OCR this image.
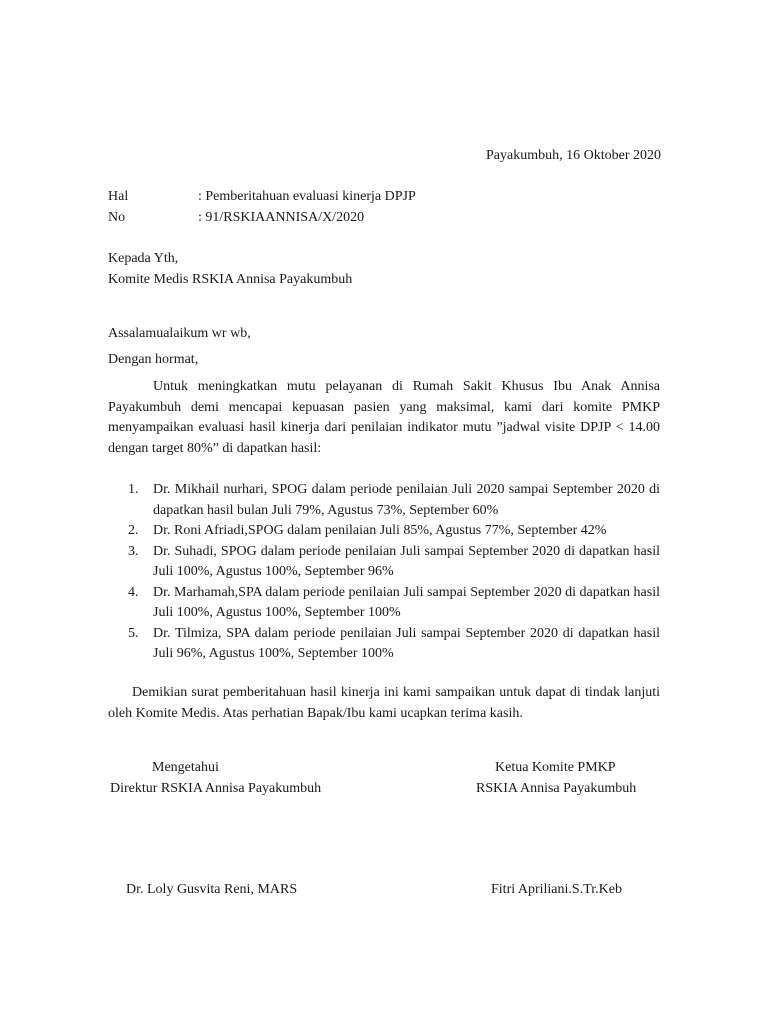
Payakumbuh, 16 Oktober 2020
Hal	: Pemberitahuan evaluasi kinerja DPJP
No	: 91/RSKIAANNISA/X/2020
Kepada Yth,
Komite Medis RSKIA Annisa Payakumbuh
Assalamualaikum wr wb,
Dengan hormat,
Untuk meningkatkan mutu pelayanan di Rumah Sakit Khusus Ibu Anak Annisa Payakumbuh demi mencapai kepuasan pasien yang maksimal, kami dari komite PMKP menyampaikan evaluasi hasil kinerja dari penilaian indikator mutu ”jadwal visite DPJP < 14.00 dengan target 80%” di dapatkan hasil:
1. Dr. Mikhail nurhari, SPOG dalam periode penilaian Juli 2020 sampai September 2020 di dapatkan hasil bulan Juli 79%, Agustus 73%, September 60%
2. Dr. Roni Afriadi,SPOG dalam penilaian Juli 85%, Agustus 77%, September 42%
3. Dr. Suhadi, SPOG dalam periode penilaian Juli sampai September 2020 di dapatkan hasil Juli 100%, Agustus 100%, September 96%
4. Dr. Marhamah,SPA dalam periode penilaian Juli sampai September 2020 di dapatkan hasil Juli 100%, Agustus 100%, September 100%
5. Dr. Tilmiza, SPA dalam periode penilaian Juli sampai September 2020 di dapatkan hasil Juli 96%, Agustus 100%, September 100%
Demikian surat pemberitahuan hasil kinerja ini kami sampaikan untuk dapat di tindak lanjuti oleh Komite Medis. Atas perhatian Bapak/Ibu kami ucapkan terima kasih.
Mengetahui
Direktur RSKIA Annisa Payakumbuh
Dr. Loly Gusvita Reni, MARS
Ketua Komite PMKP
RSKIA Annisa Payakumbuh
Fitri Apriliani.S.Tr.Keb
